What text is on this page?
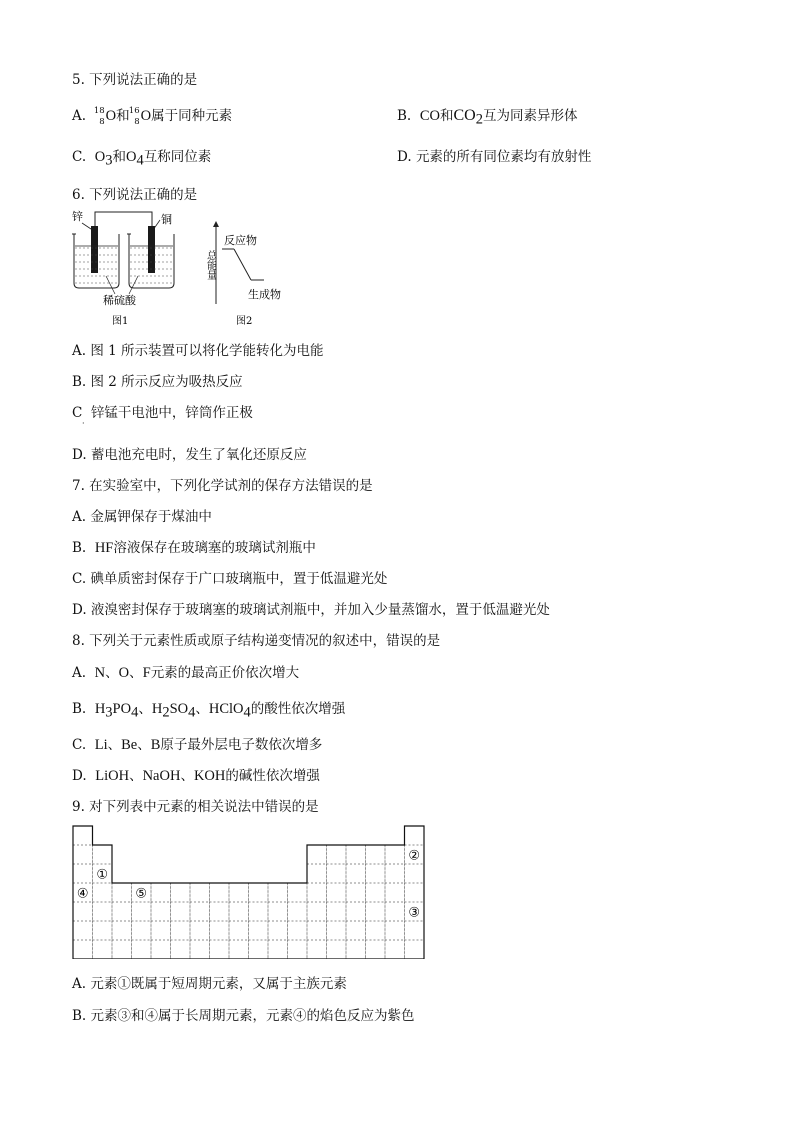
5. 下列说法正确的是
A. 18
8 O和 16
8 O属于同种元素	B. CO和$CO_2$互为同素异形体
C. $O_3$和$O_4$互称同位素	D. 元素的所有同位素均有放射性
6. 下列说法正确的是
锌	铜
稀硫酸
图1
总能量
反应物
生成物
图2
A. 图 1 所示装置可以将化学能转化为电能
B. 图 2 所示反应为吸热反应
C 锌锰干电池中，锌筒作正极
·
D. 蓄电池充电时，发生了氧化还原反应
7. 在实验室中，下列化学试剂的保存方法错误的是
A. 金属钾保存于煤油中
B. HF溶液保存在玻璃塞的玻璃试剂瓶中
C. 碘单质密封保存于广口玻璃瓶中，置于低温避光处
D. 液溴密封保存于玻璃塞的玻璃试剂瓶中，并加入少量蒸馏水，置于低温避光处
8. 下列关于元素性质或原子结构递变情况的叙述中，错误的是
A. N、O、F元素的最高正价依次增大
B. $H_3PO_4$、$H_2SO_4$、HClO$_4$的酸性依次增强
C. Li、Be、B原子最外层电子数依次增多
D. LiOH、NaOH、KOH的碱性依次增强
9. 对下列表中元素的相关说法中错误的是
①
②
③
④	⑤
A. 元素①既属于短周期元素，又属于主族元素
B. 元素③和④属于长周期元素，元素④的焰色反应为紫色
